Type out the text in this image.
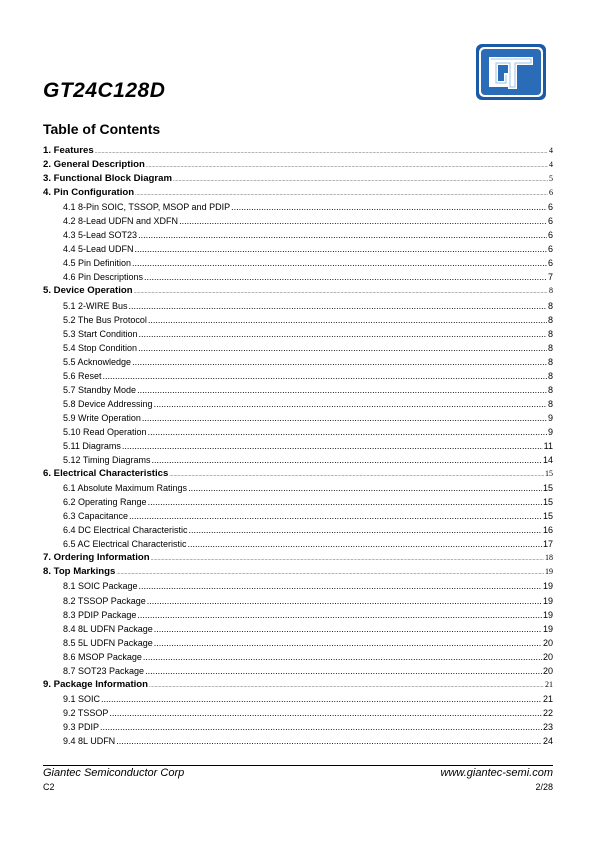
GT24C128D
Table of Contents
1. Features .....	4
2. General Description .....	4
3. Functional Block Diagram .....	5
4. Pin Configuration .....	6
4.1 8-Pin SOIC, TSSOP, MSOP and PDIP .....	6
4.2 8-Lead UDFN and XDFN .....	6
4.3 5-Lead SOT23 .....	6
4.4 5-Lead UDFN .....	6
4.5 Pin Definition .....	6
4.6 Pin Descriptions .....	7
5. Device Operation .....	8
5.1 2-WIRE Bus .....	8
5.2 The Bus Protocol .....	8
5.3 Start Condition .....	8
5.4 Stop Condition .....	8
5.5 Acknowledge .....	8
5.6 Reset .....	8
5.7 Standby Mode .....	8
5.8 Device Addressing .....	8
5.9 Write Operation .....	9
5.10 Read Operation .....	9
5.11 Diagrams .....	11
5.12 Timing Diagrams .....	14
6. Electrical Characteristics .....	15
6.1 Absolute Maximum Ratings .....	15
6.2 Operating Range .....	15
6.3 Capacitance .....	15
6.4 DC Electrical Characteristic .....	16
6.5 AC Electrical Characteristic .....	17
7. Ordering Information .....	18
8. Top Markings .....	19
8.1 SOIC Package .....	19
8.2 TSSOP Package .....	19
8.3 PDIP Package .....	19
8.4 8L UDFN Package .....	19
8.5 5L UDFN Package .....	20
8.6 MSOP Package .....	20
8.7 SOT23 Package .....	20
9. Package Information .....	21
9.1 SOIC .....	21
9.2 TSSOP .....	22
9.3 PDIP .....	23
9.4 8L UDFN .....	24
Giantec Semiconductor Corp	www.giantec-semi.com
C2	2/28
